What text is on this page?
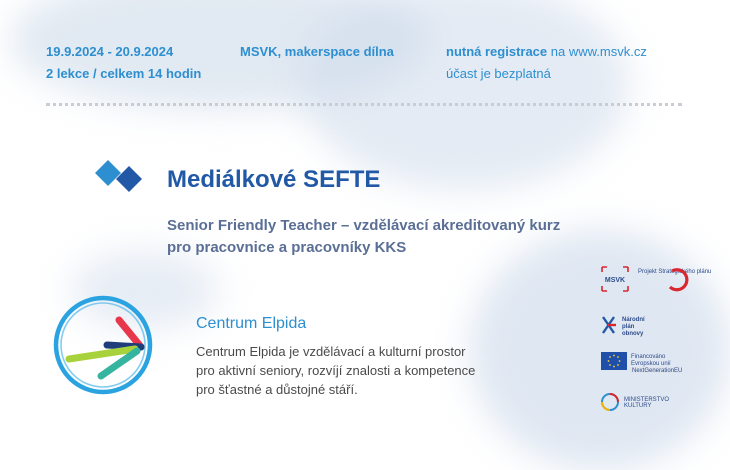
19.9.2024 - 20.9.2024
2 lekce / celkem 14 hodin
MSVK, makerspace dílna	nutná registrace na www.msvk.cz
účast je bezplatná
Mediálkové SEFTE
Senior Friendly Teacher – vzdělávací akreditovaný kurz
pro pracovnice a pracovníky KKS
Centrum Elpida
Centrum Elpida je vzdělávací a kulturní prostor
pro aktivní seniory, rozvíjí znalosti a kompetence
pro šťastné a důstojné stáří.
MSVK
Projekt Strategického plánu
Národní
plán
obnovy
Financováno
Evropskou unií
NextGenerationEU
MINISTERSTVO
KULTURY
